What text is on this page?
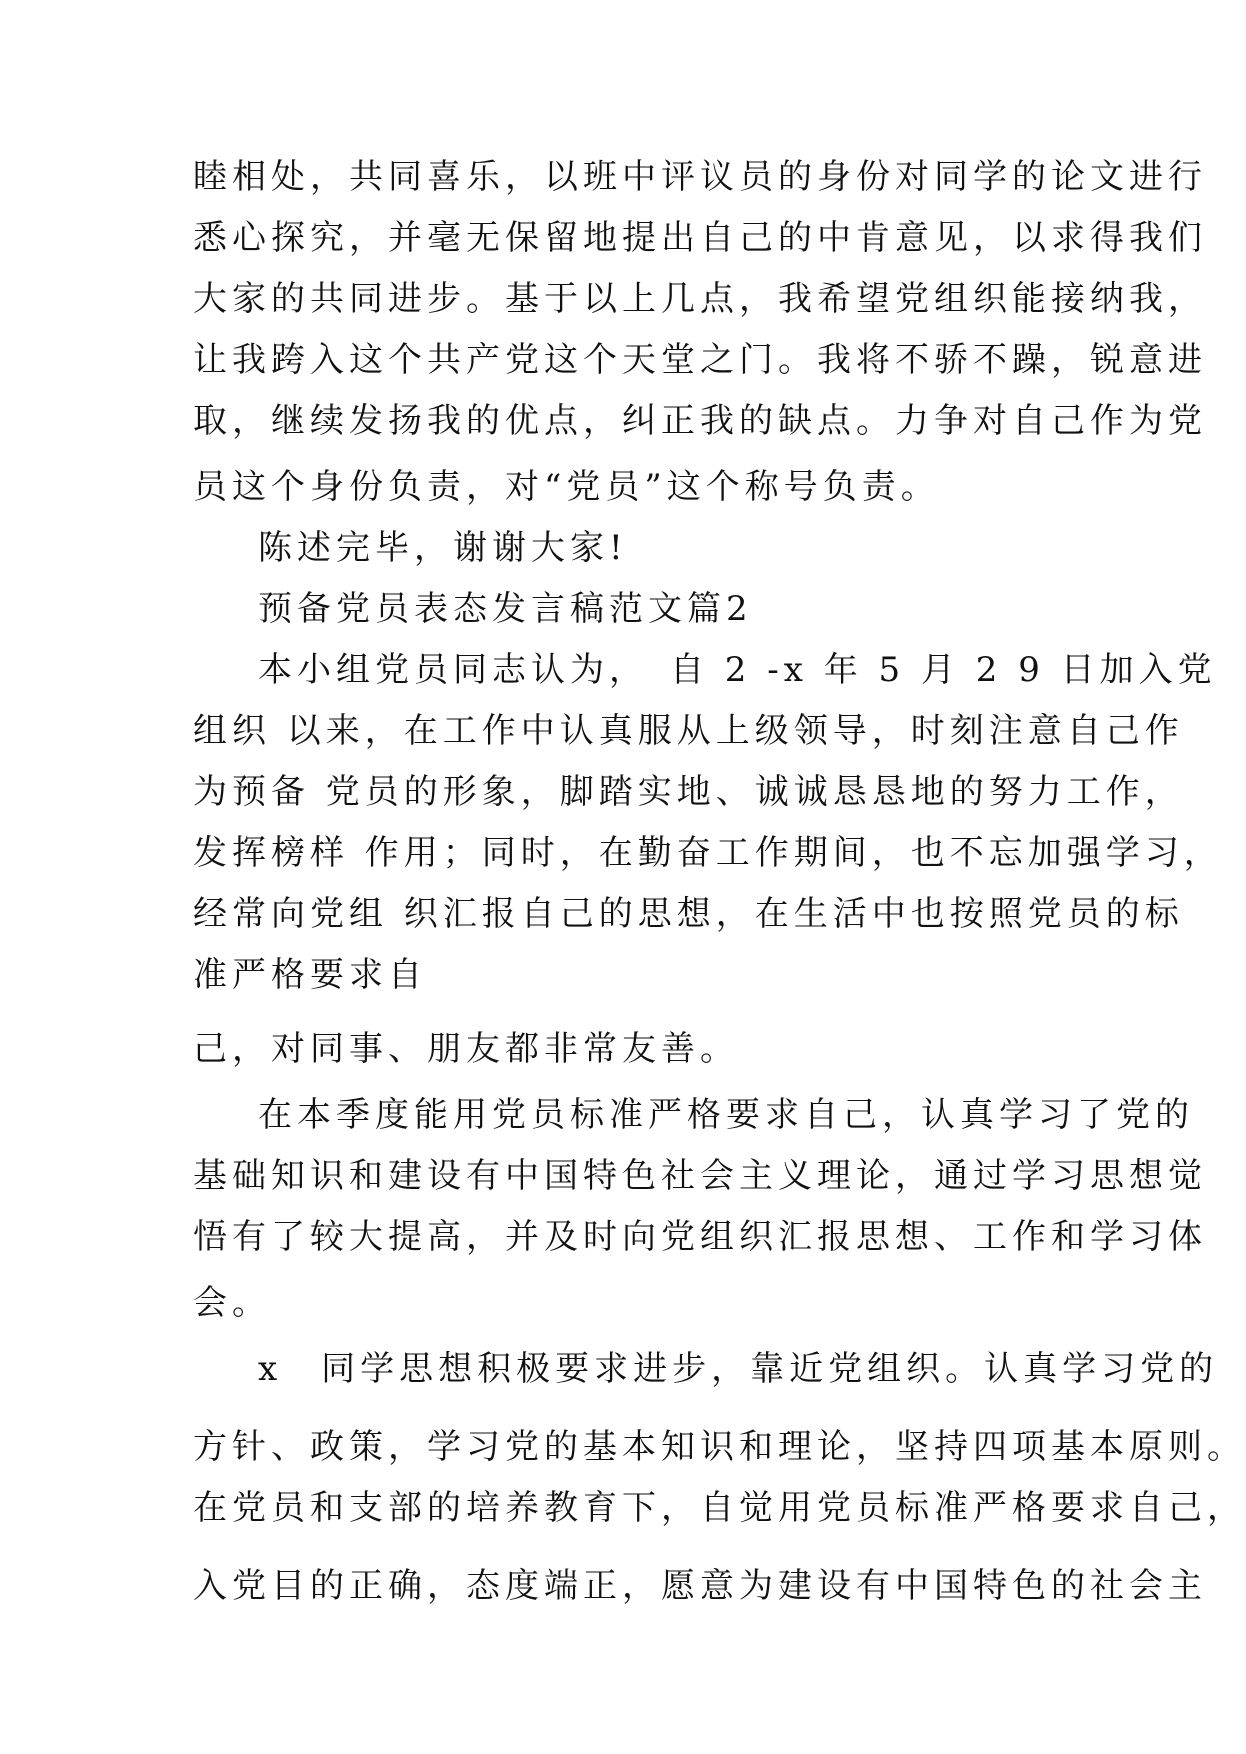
睦相处，共同喜乐，以班中评议员的身份对同学的论文进行

悉心探究，并毫无保留地提出自己的中肯意见，以求得我们

大家的共同进步。基于以上几点，我希望党组织能接纳我，

让我跨入这个共产党这个天堂之门。我将不骄不躁，锐意进

取，继续发扬我的优点，纠正我的缺点。力争对自己作为党

员这个身份负责，对“党员”这个称号负责。

陈述完毕，谢谢大家!

预备党员表态发言稿范文篇2

本小组党员同志认为，　自 2 -x 年 5 月 2 9 日加入党

组织 以来，在工作中认真服从上级领导，时刻注意自己作

为预备 党员的形象，脚踏实地、诚诚恳恳地的努力工作，

发挥榜样 作用；同时，在勤奋工作期间，也不忘加强学习，

经常向党组 织汇报自己的思想，在生活中也按照党员的标

准严格要求自

己，对同事、朋友都非常友善。

在本季度能用党员标准严格要求自己，认真学习了党的

基础知识和建设有中国特色社会主义理论，通过学习思想觉

悟有了较大提高，并及时向党组织汇报思想、工作和学习体

会。

x　同学思想积极要求进步，靠近党组织。认真学习党的

方针、政策，学习党的基本知识和理论，坚持四项基本原则。

在党员和支部的培养教育下，自觉用党员标准严格要求自己，

入党目的正确，态度端正，愿意为建设有中国特色的社会主
